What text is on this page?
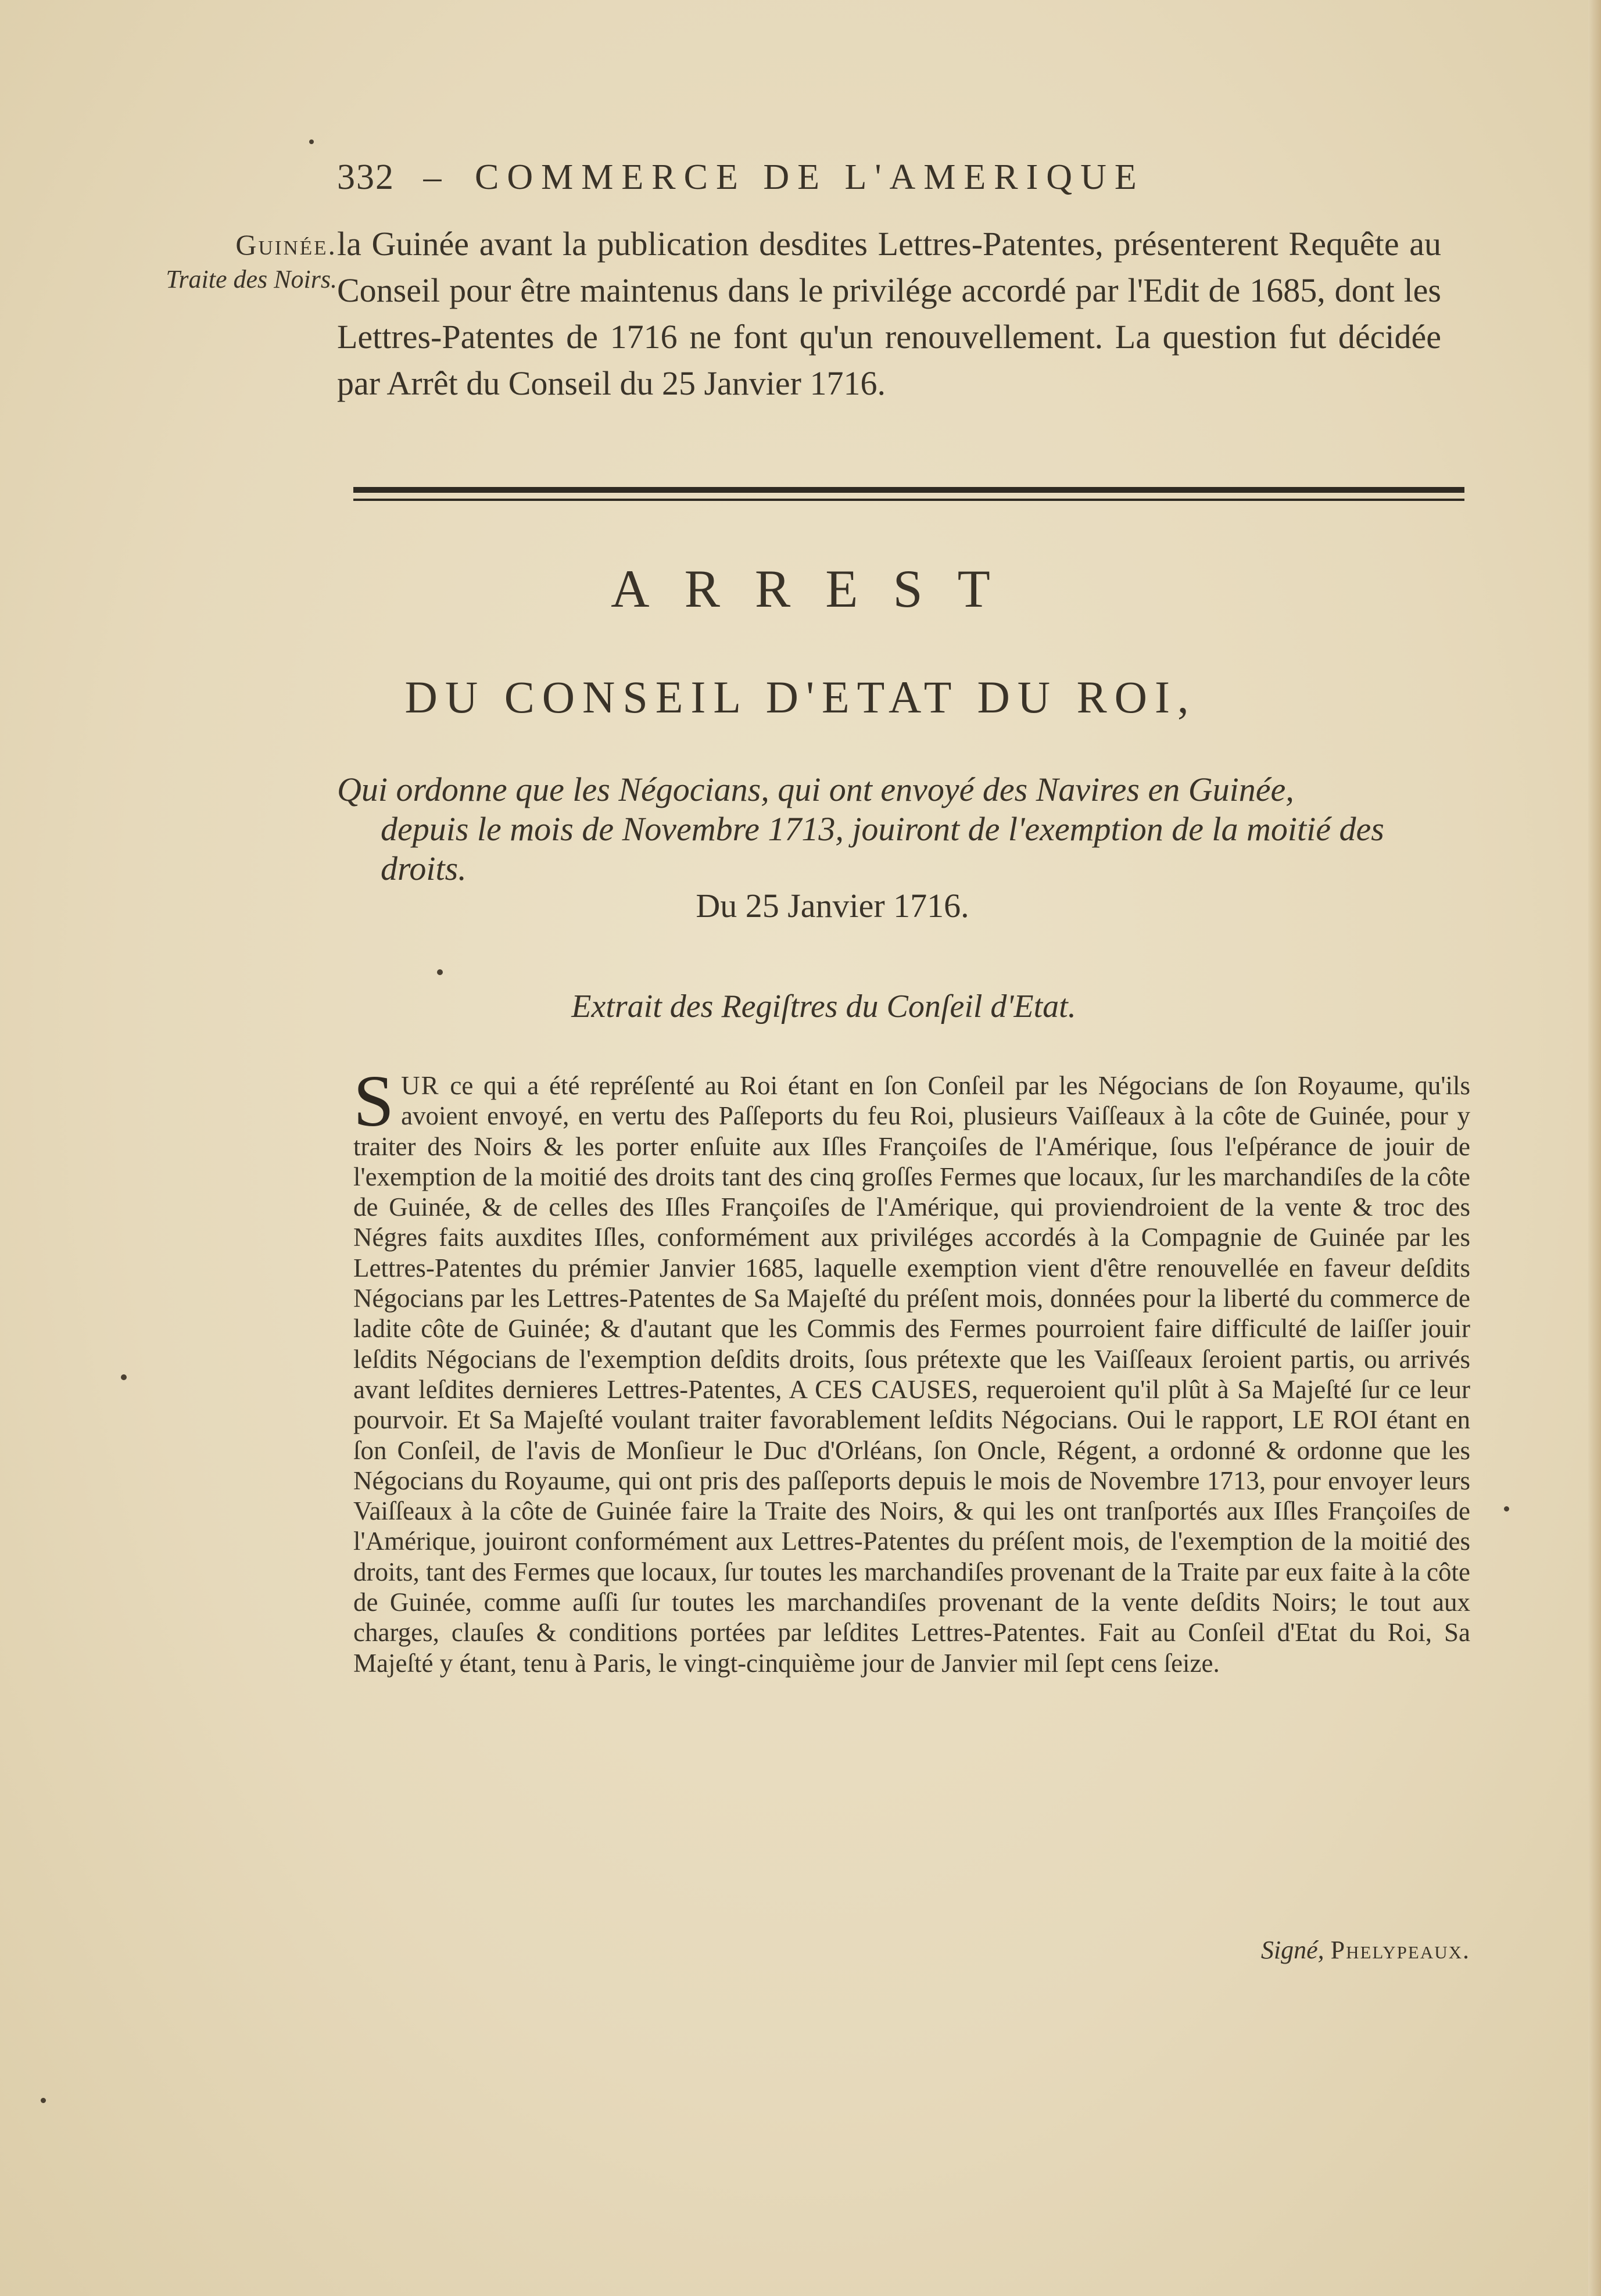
332 – COMMERCE DE L'AMERIQUE
Guinée.
Traite des Noirs.
la Guinée avant la publication desdites Lettres-Patentes, présenterent Requête au Conseil pour être maintenus dans le privilége accordé par l'Edit de 1685, dont les Lettres-Patentes de 1716 ne font qu'un renouvellement. La question fut décidée par Arrêt du Conseil du 25 Janvier 1716.
ARREST
DU CONSEIL D'ETAT DU ROI,
Qui ordonne que les Négocians, qui ont envoyé des Navires en Guinée,
depuis le mois de Novembre 1713, jouiront de l'exemption de la moitié des droits.
Du 25 Janvier 1716.
Extrait des Regiſtres du Conſeil d'Etat.
SUR ce qui a été repréſenté au Roi étant en ſon Conſeil par les Négocians de ſon Royaume, qu'ils avoient envoyé, en vertu des Paſſeports du feu Roi, plusieurs Vaiſſeaux à la côte de Guinée, pour y traiter des Noirs & les porter enſuite aux Iſles Françoiſes de l'Amérique, ſous l'eſpérance de jouir de l'exemption de la moitié des droits tant des cinq groſſes Fermes que locaux, ſur les marchandiſes de la côte de Guinée, & de celles des Iſles Françoiſes de l'Amérique, qui proviendroient de la vente & troc des Négres faits auxdites Iſles, conformément aux priviléges accordés à la Compagnie de Guinée par les Lettres-Patentes du prémier Janvier 1685, laquelle exemption vient d'être renouvellée en faveur deſdits Négocians par les Lettres-Patentes de Sa Majeſté du préſent mois, données pour la liberté du commerce de ladite côte de Guinée; & d'autant que les Commis des Fermes pourroient faire difficulté de laiſſer jouir leſdits Négocians de l'exemption deſdits droits, ſous prétexte que les Vaiſſeaux ſeroient partis, ou arrivés avant leſdites dernieres Lettres-Patentes, A CES CAUSES, requeroient qu'il plût à Sa Majeſté ſur ce leur pourvoir. Et Sa Majeſté voulant traiter favorablement leſdits Négocians. Oui le rapport, LE ROI étant en ſon Conſeil, de l'avis de Monſieur le Duc d'Orléans, ſon Oncle, Régent, a ordonné & ordonne que les Négocians du Royaume, qui ont pris des paſſeports depuis le mois de Novembre 1713, pour envoyer leurs Vaiſſeaux à la côte de Guinée faire la Traite des Noirs, & qui les ont tranſportés aux Iſles Françoiſes de l'Amérique, jouiront conformément aux Lettres-Patentes du préſent mois, de l'exemption de la moitié des droits, tant des Fermes que locaux, ſur toutes les marchandiſes provenant de la Traite par eux faite à la côte de Guinée, comme auſſi ſur toutes les marchandiſes provenant de la vente deſdits Noirs; le tout aux charges, clauſes & conditions portées par leſdites Lettres-Patentes. Fait au Conſeil d'Etat du Roi, Sa Majeſté y étant, tenu à Paris, le vingt-cinquième jour de Janvier mil ſept cens ſeize.
Signé, Phelypeaux.
